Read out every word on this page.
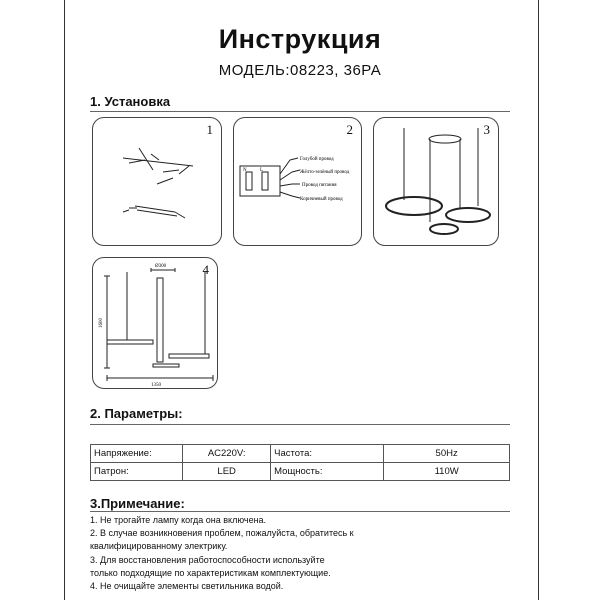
Инструкция
МОДЕЛЬ:08223, 36РА
1. Установка
1	2
N	L
Голубой провод
Жёлто-зелёный провод
Провод питания
Коричневый провод
3
4
Ø300
1600
1350
2. Параметры:
Напряжение:	AC220V:	Частота:	50Hz
Патрон:	LED	Мощность:	110W
3.Примечание:
1. Не трогайте лампу когда она включена.
2. В случае возникновения проблем, пожалуйста, обратитесь к
квалифицированному электрику.
3. Для восстановления работоспособности используйте
только подходящие по характеристикам комплектующие.
4. Не очищайте элементы светильника водой.
